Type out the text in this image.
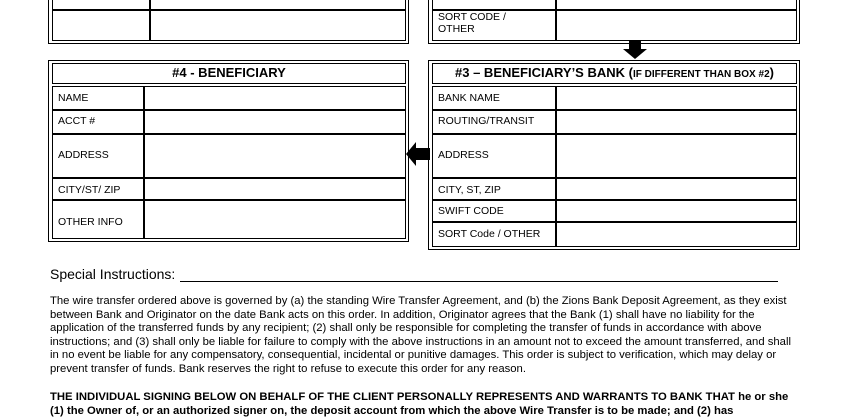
SORT CODE /
OTHER
#4 - BENEFICIARY
NAME
ACCT #
ADDRESS
CITY/ST/ ZIP
OTHER INFO
#3 – BENEFICIARY’S BANK (IF DIFFERENT THAN BOX #2)
BANK NAME
ROUTING/TRANSIT
ADDRESS
CITY, ST, ZIP
SWIFT CODE
SORT Code / OTHER
Special Instructions:
The wire transfer ordered above is governed by (a) the standing Wire Transfer Agreement, and (b) the Zions Bank Deposit Agreement, as they exist between Bank and Originator on the date Bank acts on this order. In addition, Originator agrees that the Bank (1) shall have no liability for the application of the transferred funds by any recipient; (2) shall only be responsible for completing the transfer of funds in accordance with above instructions; and (3) shall only be liable for failure to comply with the above instructions in an amount not to exceed the amount transferred, and shall in no event be liable for any compensatory, consequential, incidental or punitive damages. This order is subject to verification, which may delay or prevent transfer of funds. Bank reserves the right to refuse to execute this order for any reason.
THE INDIVIDUAL SIGNING BELOW ON BEHALF OF THE CLIENT PERSONALLY REPRESENTS AND WARRANTS TO BANK THAT he or she (1) the Owner of, or an authorized signer on, the deposit account from which the above Wire Transfer is to be made; and (2) has
